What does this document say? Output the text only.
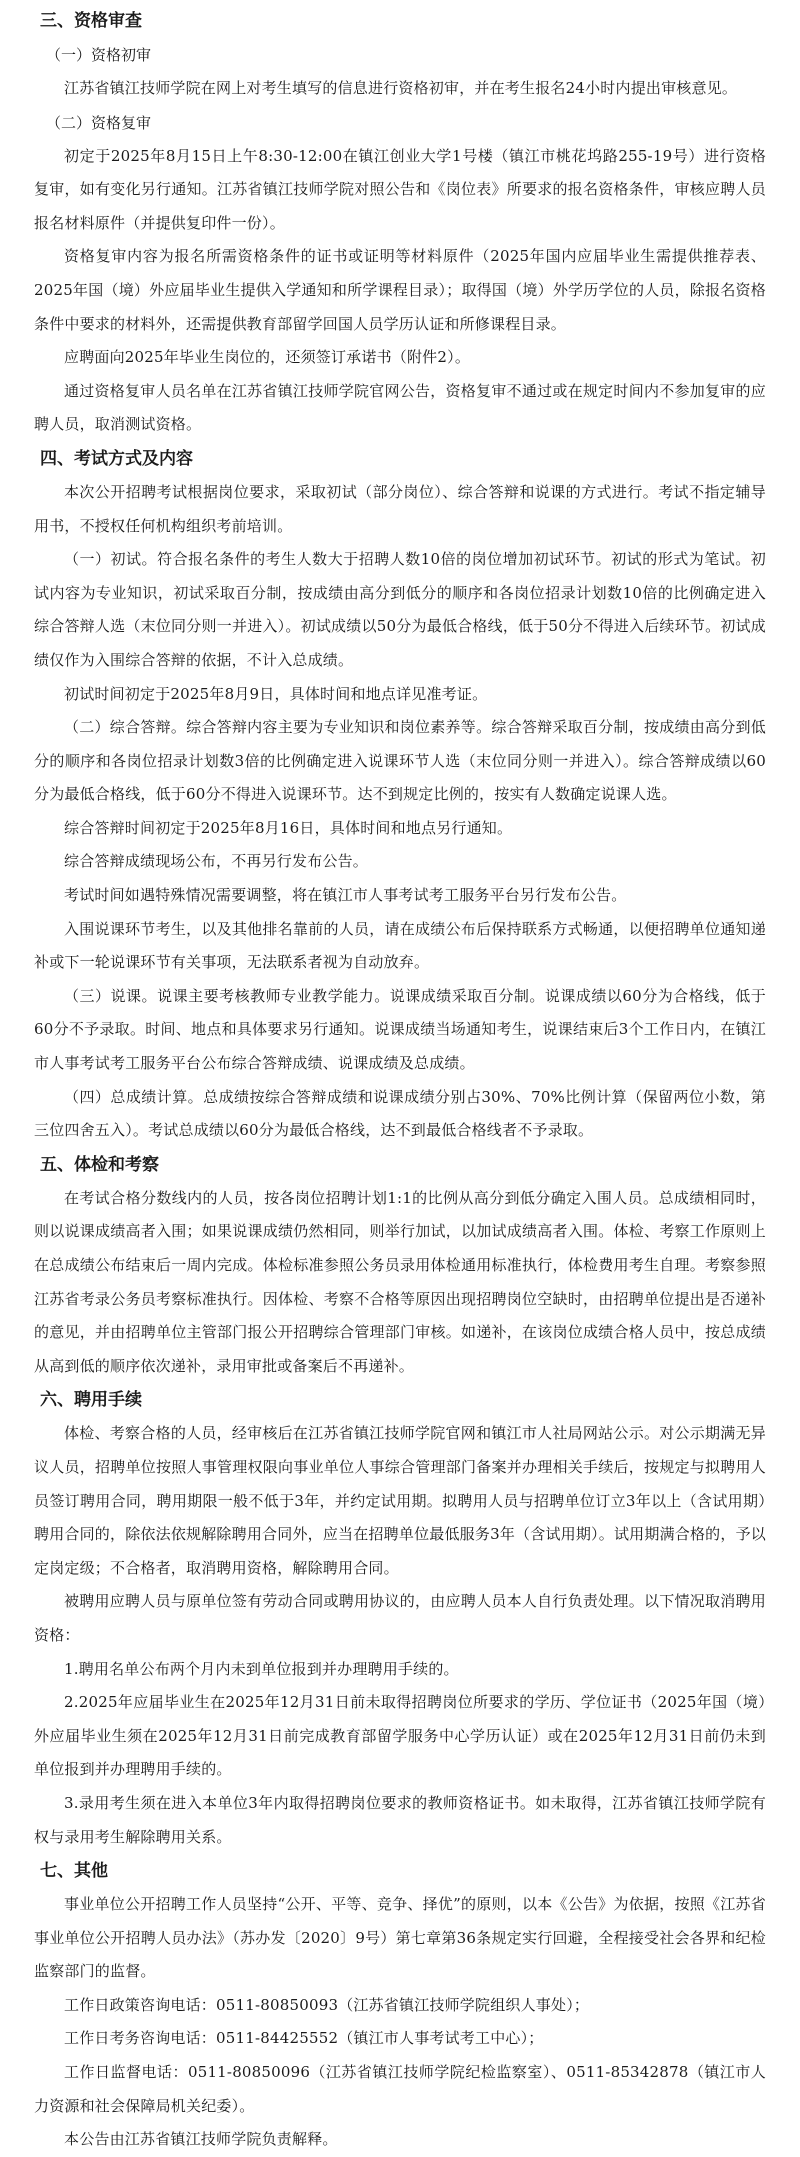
三、资格审查
（一）资格初审
江苏省镇江技师学院在网上对考生填写的信息进行资格初审，并在考生报名24小时内提出审核意见。
（二）资格复审
初定于2025年8月15日上午8:30-12:00在镇江创业大学1号楼（镇江市桃花坞路255-19号）进行资格复审，如有变化另行通知。江苏省镇江技师学院对照公告和《岗位表》所要求的报名资格条件，审核应聘人员报名材料原件（并提供复印件一份）。
资格复审内容为报名所需资格条件的证书或证明等材料原件（2025年国内应届毕业生需提供推荐表、2025年国（境）外应届毕业生提供入学通知和所学课程目录）；取得国（境）外学历学位的人员，除报名资格条件中要求的材料外，还需提供教育部留学回国人员学历认证和所修课程目录。
应聘面向2025年毕业生岗位的，还须签订承诺书（附件2）。
通过资格复审人员名单在江苏省镇江技师学院官网公告，资格复审不通过或在规定时间内不参加复审的应聘人员，取消测试资格。
四、考试方式及内容
本次公开招聘考试根据岗位要求，采取初试（部分岗位）、综合答辩和说课的方式进行。考试不指定辅导用书，不授权任何机构组织考前培训。
（一）初试。符合报名条件的考生人数大于招聘人数10倍的岗位增加初试环节。初试的形式为笔试。初试内容为专业知识，初试采取百分制，按成绩由高分到低分的顺序和各岗位招录计划数10倍的比例确定进入综合答辩人选（末位同分则一并进入）。初试成绩以50分为最低合格线，低于50分不得进入后续环节。初试成绩仅作为入围综合答辩的依据，不计入总成绩。
初试时间初定于2025年8月9日，具体时间和地点详见准考证。
（二）综合答辩。综合答辩内容主要为专业知识和岗位素养等。综合答辩采取百分制，按成绩由高分到低分的顺序和各岗位招录计划数3倍的比例确定进入说课环节人选（末位同分则一并进入）。综合答辩成绩以60分为最低合格线，低于60分不得进入说课环节。达不到规定比例的，按实有人数确定说课人选。
综合答辩时间初定于2025年8月16日，具体时间和地点另行通知。
综合答辩成绩现场公布，不再另行发布公告。
考试时间如遇特殊情况需要调整，将在镇江市人事考试考工服务平台另行发布公告。
入围说课环节考生，以及其他排名靠前的人员，请在成绩公布后保持联系方式畅通，以便招聘单位通知递补或下一轮说课环节有关事项，无法联系者视为自动放弃。
（三）说课。说课主要考核教师专业教学能力。说课成绩采取百分制。说课成绩以60分为合格线，低于60分不予录取。时间、地点和具体要求另行通知。说课成绩当场通知考生，说课结束后3个工作日内，在镇江市人事考试考工服务平台公布综合答辩成绩、说课成绩及总成绩。
（四）总成绩计算。总成绩按综合答辩成绩和说课成绩分别占30%、70%比例计算（保留两位小数，第三位四舍五入）。考试总成绩以60分为最低合格线，达不到最低合格线者不予录取。
五、体检和考察
在考试合格分数线内的人员，按各岗位招聘计划1:1的比例从高分到低分确定入围人员。总成绩相同时，则以说课成绩高者入围；如果说课成绩仍然相同，则举行加试，以加试成绩高者入围。体检、考察工作原则上在总成绩公布结束后一周内完成。体检标准参照公务员录用体检通用标准执行，体检费用考生自理。考察参照江苏省考录公务员考察标准执行。因体检、考察不合格等原因出现招聘岗位空缺时，由招聘单位提出是否递补的意见，并由招聘单位主管部门报公开招聘综合管理部门审核。如递补，在该岗位成绩合格人员中，按总成绩从高到低的顺序依次递补，录用审批或备案后不再递补。
六、聘用手续
体检、考察合格的人员，经审核后在江苏省镇江技师学院官网和镇江市人社局网站公示。对公示期满无异议人员，招聘单位按照人事管理权限向事业单位人事综合管理部门备案并办理相关手续后，按规定与拟聘用人员签订聘用合同，聘用期限一般不低于3年，并约定试用期。拟聘用人员与招聘单位订立3年以上（含试用期）聘用合同的，除依法依规解除聘用合同外，应当在招聘单位最低服务3年（含试用期）。试用期满合格的，予以定岗定级；不合格者，取消聘用资格，解除聘用合同。
被聘用应聘人员与原单位签有劳动合同或聘用协议的，由应聘人员本人自行负责处理。以下情况取消聘用资格：
1.聘用名单公布两个月内未到单位报到并办理聘用手续的。
2.2025年应届毕业生在2025年12月31日前未取得招聘岗位所要求的学历、学位证书（2025年国（境）外应届毕业生须在2025年12月31日前完成教育部留学服务中心学历认证）或在2025年12月31日前仍未到单位报到并办理聘用手续的。
3.录用考生须在进入本单位3年内取得招聘岗位要求的教师资格证书。如未取得，江苏省镇江技师学院有权与录用考生解除聘用关系。
七、其他
事业单位公开招聘工作人员坚持“公开、平等、竞争、择优”的原则，以本《公告》为依据，按照《江苏省事业单位公开招聘人员办法》（苏办发〔2020〕9号）第七章第36条规定实行回避，全程接受社会各界和纪检监察部门的监督。
工作日政策咨询电话：0511-80850093（江苏省镇江技师学院组织人事处）；
工作日考务咨询电话：0511-84425552（镇江市人事考试考工中心）；
工作日监督电话：0511-80850096（江苏省镇江技师学院纪检监察室）、0511-85342878（镇江市人力资源和社会保障局机关纪委）。
本公告由江苏省镇江技师学院负责解释。
